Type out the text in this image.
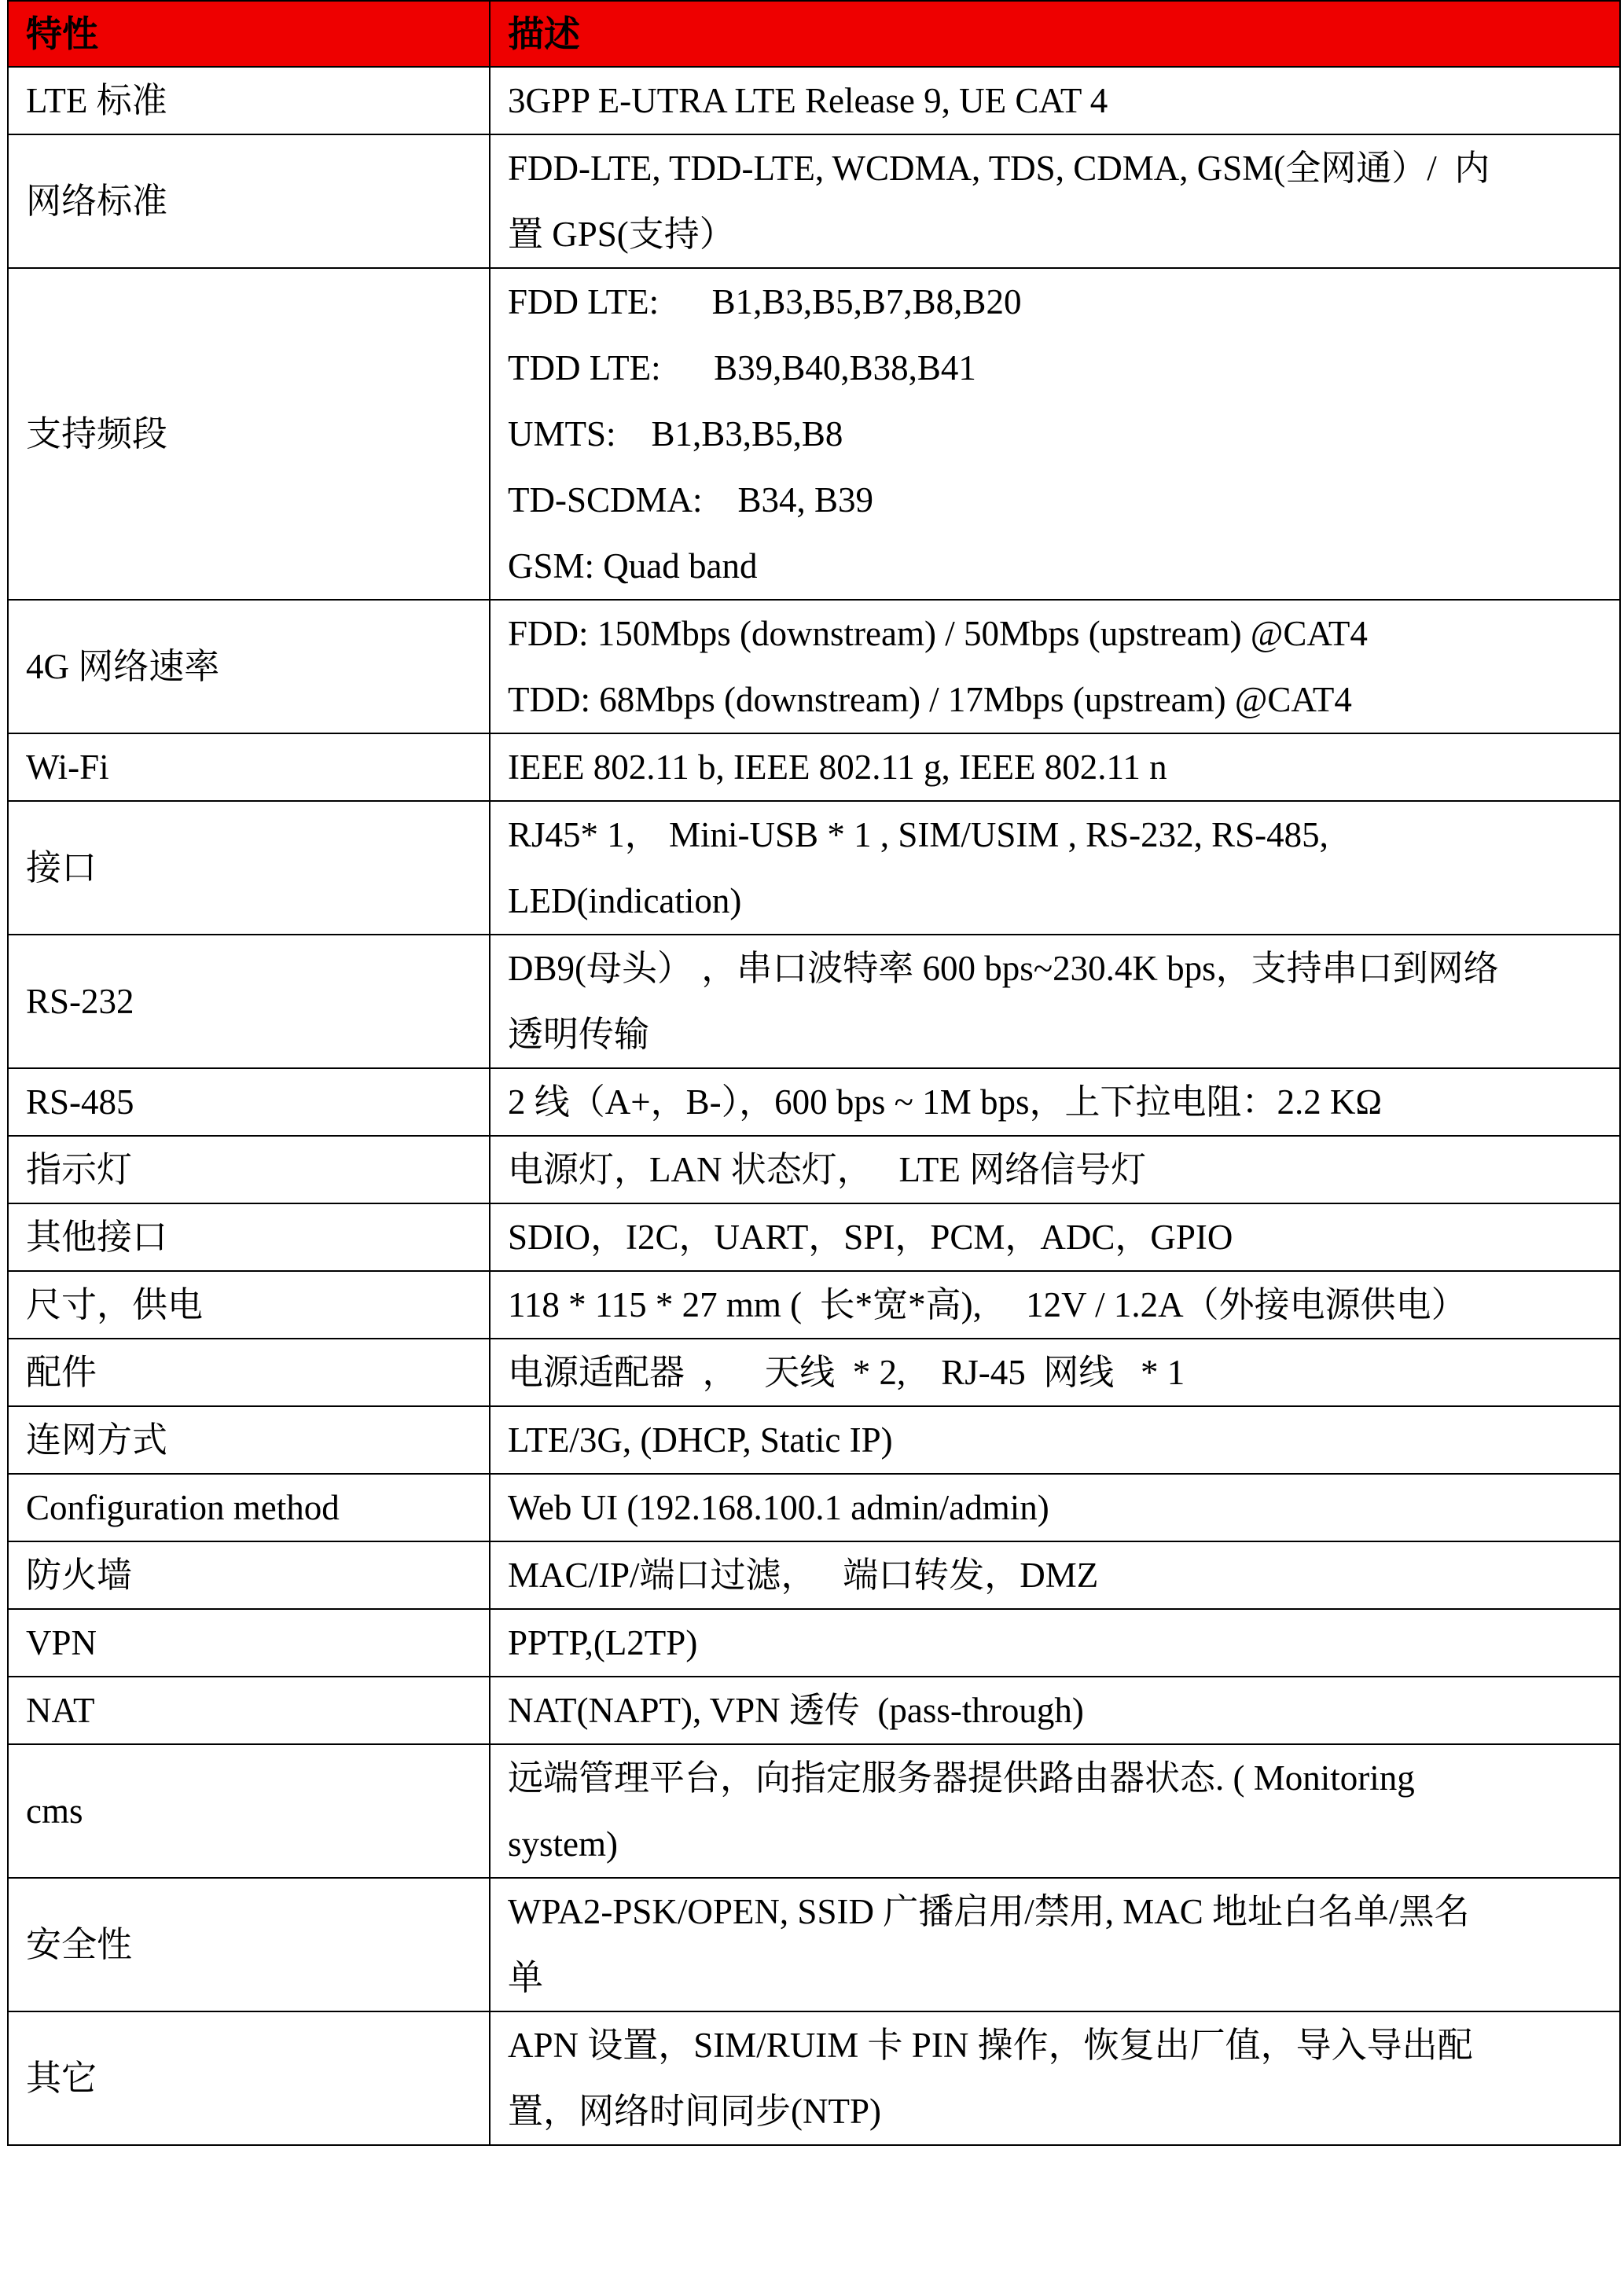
特性	描述
LTE 标准	3GPP E-UTRA LTE Release 9, UE CAT 4

网络标准	FDD-LTE, TDD-LTE, WCDMA, TDS, CDMA, GSM(全网通）/  内
置 GPS(支持）

支持频段	FDD LTE:      B1,B3,B5,B7,B8,B20
TDD LTE:      B39,B40,B38,B41
UMTS:    B1,B3,B5,B8
TD-SCDMA:    B34, B39
GSM: Quad band

4G 网络速率	FDD: 150Mbps (downstream) / 50Mbps (upstream) @CAT4
TDD: 68Mbps (downstream) / 17Mbps (upstream) @CAT4

Wi-Fi	IEEE 802.11 b, IEEE 802.11 g, IEEE 802.11 n

接口	RJ45* 1， Mini-USB * 1 , SIM/USIM , RS-232, RS-485,
LED(indication)

RS-232	DB9(母头） ，串口波特率 600 bps~230.4K bps，支持串口到网络
透明传输

RS-485	2 线（A+，B-），600 bps ~ 1M bps，上下拉电阻：2.2 KΩ

指示灯	电源灯，LAN 状态灯，   LTE 网络信号灯

其他接口	SDIO，I2C，UART，SPI，PCM，ADC，GPIO

尺寸，供电	118 * 115 * 27 mm (  长*宽*高),     12V / 1.2A（外接电源供电）

配件	电源适配器  ，   天线  * 2,    RJ-45  网线   * 1

连网方式	LTE/3G, (DHCP, Static IP)

Configuration method	Web UI (192.168.100.1 admin/admin)

防火墙	MAC/IP/端口过滤，   端口转发，DMZ

VPN	PPTP,(L2TP)

NAT	NAT(NAPT), VPN 透传  (pass-through)

cms	远端管理平台，向指定服务器提供路由器状态. ( Monitoring
system)

安全性	WPA2-PSK/OPEN, SSID 广播启用/禁用, MAC 地址白名单/黑名
单

其它	APN 设置，SIM/RUIM 卡 PIN 操作，恢复出厂值，导入导出配
置，网络时间同步(NTP)
